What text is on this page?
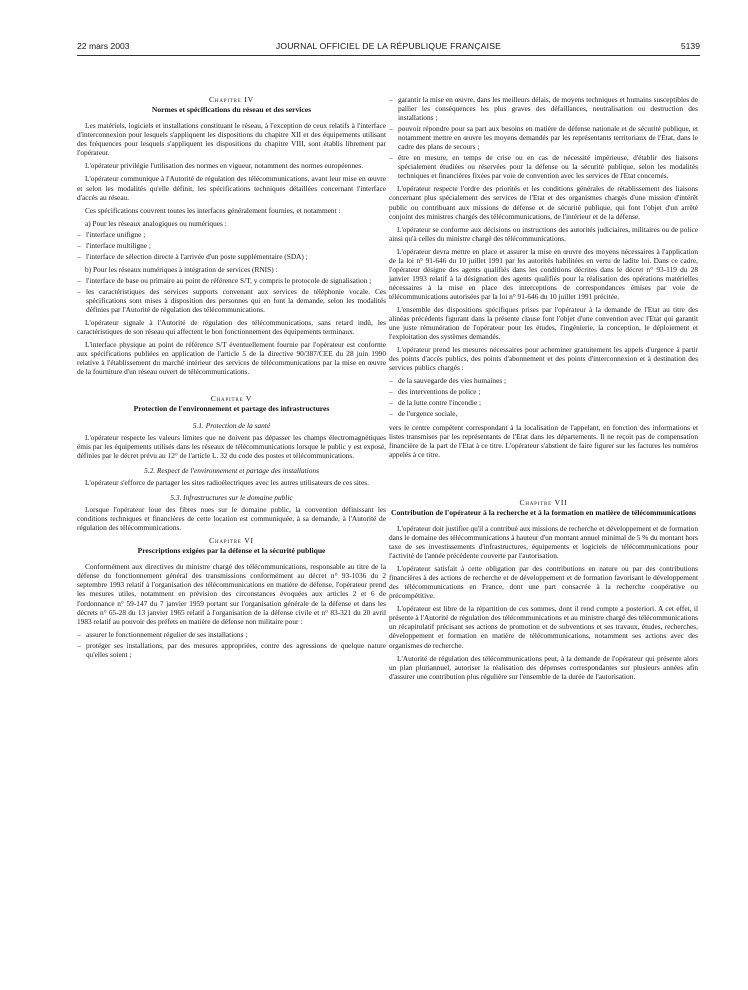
22 mars 2003	JOURNAL OFFICIEL DE LA RÉPUBLIQUE FRANÇAISE	5139
Chapitre IV
Normes et spécifications du réseau et des services

Les matériels, logiciels et installations constituant le réseau, à l'exception de ceux relatifs à l'interface d'interconnexion pour lesquels s'appliquent les dispositions du chapitre XII et des équipements utilisant des fréquences pour lesquels s'appliquent les dispositions du chapitre VIII, sont établis librement par l'opérateur.

L'opérateur privilégie l'utilisation des normes en vigueur, notamment des normes européennes.

L'opérateur communique à l'Autorité de régulation des télécommunications, avant leur mise en œuvre et selon les modalités qu'elle définit, les spécifications techniques détaillées concernant l'interface d'accès au réseau.

Ces spécifications couvrent toutes les interfaces généralement fournies, et notamment :

a) Pour les réseaux analogiques ou numériques :
– l'interface unifigne ;
– l'interface multiligne ;
– l'interface de sélection directe à l'arrivée d'un poste supplémentaire (SDA) ;
b) Pour les réseaux numériques à intégration de services (RNIS) :
– l'interface de base ou primaire au point de référence S/T, y compris le protocole de signalisation ;
– les caractéristiques des services supports convenant aux services de téléphonie vocale. Ces spécifications sont mises à disposition des personnes qui en font la demande, selon les modalités définies par l'Autorité de régulation des télécommunications.

L'opérateur signale à l'Autorité de régulation des télécommunications, sans retard indû, les caractéristiques de son réseau qui affectent le bon fonctionnement des équipements terminaux.

L'interface physique au point de référence S/T éventuellement fournie par l'opérateur est conforme aux spécifications publiées en application de l'article 5 de la directive 90/387/CEE du 28 juin 1990 relative à l'établissement du marché intérieur des services de télécommunications par la mise en œuvre de la fourniture d'un réseau ouvert de télécommunications.

Chapitre V
Protection de l'environnement et partage des infrastructures
5.1. Protection de la santé

L'opérateur respecte les valeurs limites que ne doivent pas dépasser les champs électromagnétiques émis par les équipements utilisés dans les réseaux de télécommunications lorsque le public y est exposé, définies par le décret prévu au 12° de l'article L. 32 du code des postes et télécommunications.

5.2. Respect de l'environnement et partage des installations

L'opérateur s'efforce de partager les sites radioélectriques avec les autres utilisateurs de ces sites.

5.3. Infrastructures sur le domaine public

Lorsque l'opérateur loue des fibres nues sur le domaine public, la convention définissant les conditions techniques et financières de cette location est communiquée, à sa demande, à l'Autorité de régulation des télécommunications.

Chapitre VI
Prescriptions exigées par la défense et la sécurité publique

Conformément aux directives du ministre chargé des télécommunications, responsable au titre de la défense du fonctionnement général des transmissions conformément au décret n° 93-1036 du 2 septembre 1993 relatif à l'organisation des télécommunications en matière de défense, l'opérateur prend les mesures utiles, notamment en prévision des circonstances évoquées aux articles 2 et 6 de l'ordonnance n° 59-147 du 7 janvier 1959 portant sur l'organisation générale de la défense et dans les décrets n° 65-28 du 13 janvier 1965 relatif à l'organisation de la défense civile et n° 83-321 du 20 avril 1983 relatif au pouvoir des préfets en matière de défense non militaire pour :

– assurer le fonctionnement régulier de ses installations ;
– protéger ses installations, par des mesures appropriées, contre des agressions de quelque nature qu'elles soient ;
– garantir la mise en œuvre, dans les meilleurs délais, de moyens techniques et humains susceptibles de pallier les conséquences les plus graves des défaillances, neutralisation ou destruction des installations ;
– pouvoir répondre pour sa part aux besoins en matière de défense nationale et de sécurité publique, et notamment mettre en œuvre les moyens demandés par les représentants territoriaux de l'Etat, dans le cadre des plans de secours ;
– être en mesure, en temps de crise ou en cas de nécessité impérieuse, d'établir des liaisons spécialement étudiées ou réservées pour la défense ou la sécurité publique, selon les modalités techniques et financières fixées par voie de convention avec les services de l'Etat concernés.

L'opérateur respecte l'ordre des priorités et les conditions générales de rétablissement des liaisons concernant plus spécialement des services de l'Etat et des organismes chargés d'une mission d'intérêt public ou contribuant aux missions de défense et de sécurité publique, qui font l'objet d'un arrêté conjoint des ministres chargés des télécommunications, de l'intérieur et de la défense.

L'opérateur se conforme aux décisions ou instructions des autorités judiciaires, militaires ou de police ainsi qu'à celles du ministre chargé des télécommunications.

L'opérateur devra mettre en place et assurer la mise en œuvre des moyens nécessaires à l'application de la loi n° 91-646 du 10 juillet 1991 par les autorités habilitées en vertu de ladite loi. Dans ce cadre, l'opérateur désigne des agents qualifiés dans les conditions décrites dans le décret n° 93-119 du 28 janvier 1993 relatif à la désignation des agents qualifiés pour la réalisation des opérations matérielles nécessaires à la mise en place des interceptions de correspondances émises par voie de télécommunications autorisées par la loi n° 91-646 du 10 juillet 1991 précitée.

L'ensemble des dispositions spécifiques prises par l'opérateur à la demande de l'Etat au titre des alinéas précédents figurant dans la présente clause font l'objet d'une convention avec l'Etat qui garantit une juste rémunération de l'opérateur pour les études, l'ingénierie, la conception, le déploiement et l'exploitation des systèmes demandés.

L'opérateur prend les mesures nécessaires pour acheminer gratuitement les appels d'urgence à partir des points d'accès publics, des points d'abonnement et des points d'interconnexion et à destination des services publics chargés :

– de la sauvegarde des vies humaines ;
– des interventions de police ;
– de la lutte contre l'incendie ;
– de l'urgence sociale,

vers le centre compétent correspondant à la localisation de l'appelant, en fonction des informations et listes transmises par les représentants de l'Etat dans les départements. Il ne reçoit pas de compensation financière de la part de l'Etat à ce titre. L'opérateur s'abstient de faire figurer sur les factures les numéros appelés à ce titre.

Chapitre VII
Contribution de l'opérateur à la recherche et à la formation en matière de télécommunications

L'opérateur doit justifier qu'il a contribué aux missions de recherche et développement et de formation dans le domaine des télécommunications à hauteur d'un montant annuel minimal de 5 % du montant hors taxe de ses investissements d'infrastructures, équipements et logiciels de télécommunications pour l'activité de l'année précédente couverte par l'autorisation.

L'opérateur satisfait à cette obligation par des contributions en nature ou par des contributions financières à des actions de recherche et de développement et de formation favorisant le développement des télécommunications en France, dont une part consacrée à la recherche coopérative ou précompétitive.

L'opérateur est libre de la répartition de ces sommes, dont il rend compte a posteriori. A cet effet, il présente à l'Autorité de régulation des télécommunications et au ministre chargé des télécommunications un récapitulatif précisant ses actions de promotion et de subventions et ses travaux, études, recherches, développement et formation en matière de télécommunications, notamment ses actions avec des organismes de recherche.

L'Autorité de régulation des télécommunications peut, à la demande de l'opérateur qui présente alors un plan pluriannuel, autoriser la réalisation des dépenses correspondantes sur plusieurs années afin d'assurer une contribution plus régulière sur l'ensemble de la durée de l'autorisation.
